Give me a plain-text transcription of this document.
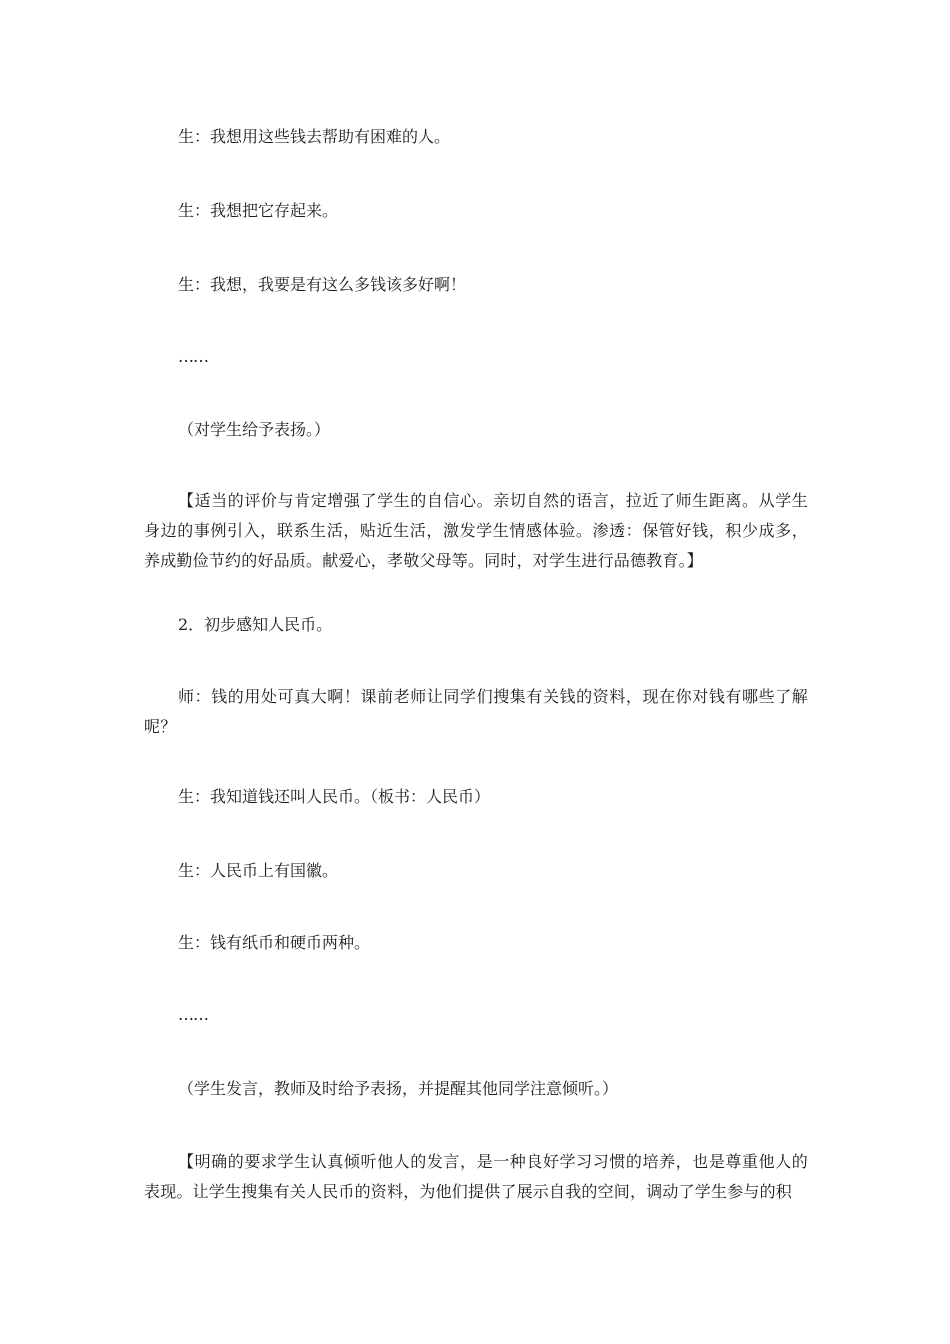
生：我想用这些钱去帮助有困难的人。
生：我想把它存起来。
生：我想，我要是有这么多钱该多好啊！
……
（对学生给予表扬。）
【适当的评价与肯定增强了学生的自信心。亲切自然的语言，拉近了师生距离。从学生身边的事例引入，联系生活，贴近生活，激发学生情感体验。渗透：保管好钱，积少成多，养成勤俭节约的好品质。献爱心，孝敬父母等。同时，对学生进行品德教育。】
2．初步感知人民币。
师：钱的用处可真大啊！课前老师让同学们搜集有关钱的资料，现在你对钱有哪些了解呢？
生：我知道钱还叫人民币。（板书：人民币）
生：人民币上有国徽。
生：钱有纸币和硬币两种。
……
（学生发言，教师及时给予表扬，并提醒其他同学注意倾听。）
【明确的要求学生认真倾听他人的发言，是一种良好学习习惯的培养，也是尊重他人的表现。让学生搜集有关人民币的资料，为他们提供了展示自我的空间，调动了学生参与的积
